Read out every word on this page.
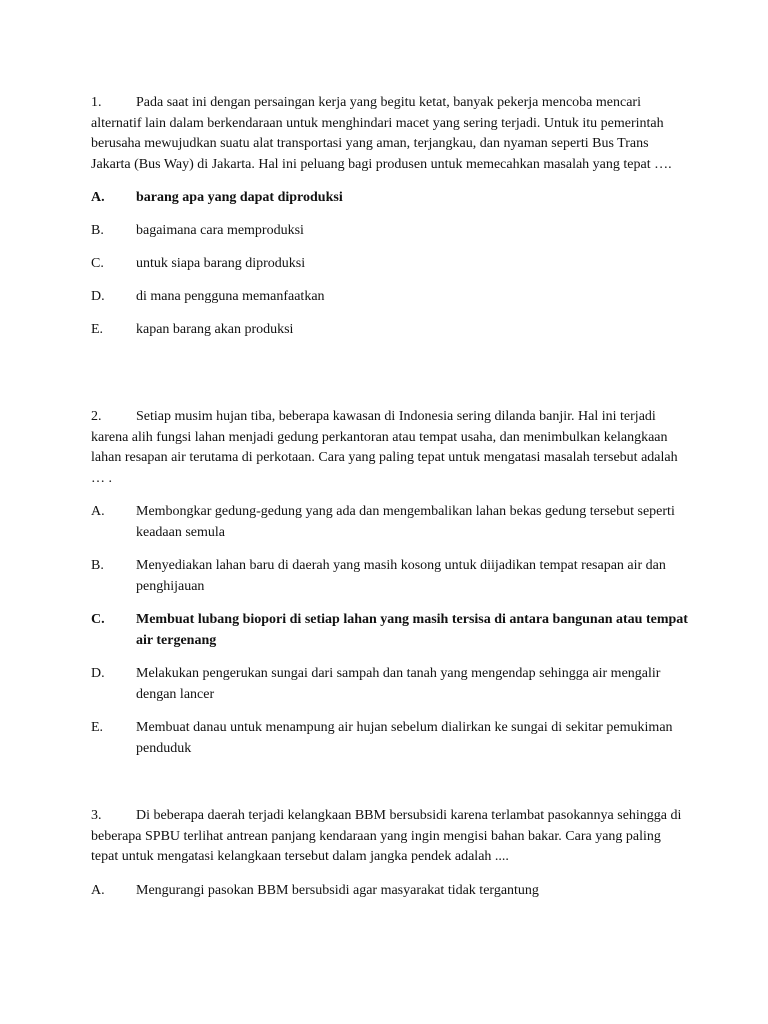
1. Pada saat ini dengan persaingan kerja yang begitu ketat, banyak pekerja mencoba mencari alternatif lain dalam berkendaraan untuk menghindari macet yang sering terjadi. Untuk itu pemerintah berusaha mewujudkan suatu alat transportasi yang aman, terjangkau, dan nyaman seperti Bus Trans Jakarta (Bus Way) di Jakarta. Hal ini peluang bagi produsen untuk memecahkan masalah yang tepat ….

A. barang apa yang dapat diproduksi

B. bagaimana cara memproduksi

C. untuk siapa barang diproduksi

D. di mana pengguna memanfaatkan

E. kapan barang akan produksi

2. Setiap musim hujan tiba, beberapa kawasan di Indonesia sering dilanda banjir. Hal ini terjadi karena alih fungsi lahan menjadi gedung perkantoran atau tempat usaha, dan menimbulkan kelangkaan lahan resapan air terutama di perkotaan. Cara yang paling tepat untuk mengatasi masalah tersebut adalah … .

A. Membongkar gedung-gedung yang ada dan mengembalikan lahan bekas gedung tersebut seperti keadaan semula

B. Menyediakan lahan baru di daerah yang masih kosong untuk diijadikan tempat resapan air dan penghijauan

C. Membuat lubang biopori di setiap lahan yang masih tersisa di antara bangunan atau tempat air tergenang

D. Melakukan pengerukan sungai dari sampah dan tanah yang mengendap sehingga air mengalir dengan lancer

E. Membuat danau untuk menampung air hujan sebelum dialirkan ke sungai di sekitar pemukiman penduduk

3. Di beberapa daerah terjadi kelangkaan BBM bersubsidi karena terlambat pasokannya sehingga di beberapa SPBU terlihat antrean panjang kendaraan yang ingin mengisi bahan bakar. Cara yang paling tepat untuk mengatasi kelangkaan tersebut dalam jangka pendek adalah ....

A. Mengurangi pasokan BBM bersubsidi agar masyarakat tidak tergantung
